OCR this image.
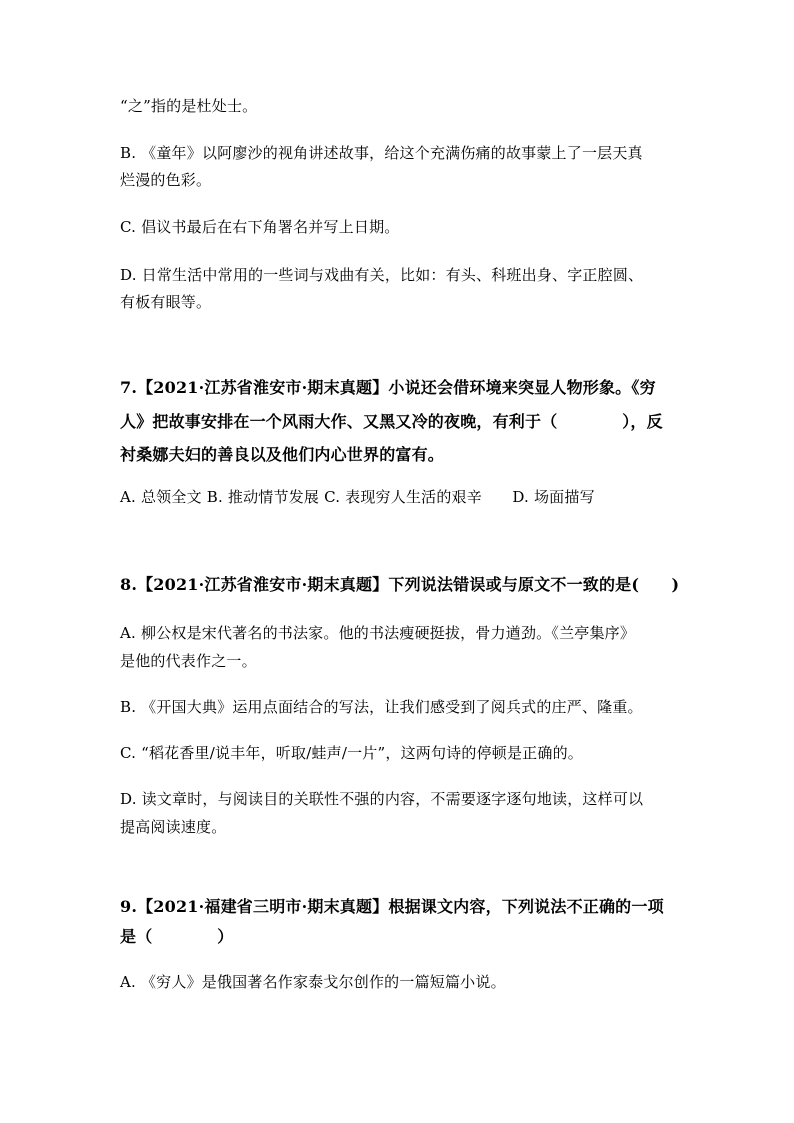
“之”指的是杜处士。
B. 《童年》以阿廖沙的视角讲述故事，给这个充满伤痛的故事蒙上了一层天真
烂漫的色彩。
C. 倡议书最后在右下角署名并写上日期。
D. 日常生活中常用的一些词与戏曲有关，比如：有头、科班出身、字正腔圆、
有板有眼等。
7.【2021·江苏省淮安市·期末真题】小说还会借环境来突显人物形象。《穷
人》把故事安排在一个风雨大作、又黑又冷的夜晚，有利于（　　　　），反
衬桑娜夫妇的善良以及他们内心世界的富有。
A. 总领全文 B. 推动情节发展 C. 表现穷人生活的艰辛　　D. 场面描写
8.【2021·江苏省淮安市·期末真题】下列说法错误或与原文不一致的是(　　)
A. 柳公权是宋代著名的书法家。他的书法瘦硬挺拔，骨力遒劲。《兰亭集序》
是他的代表作之一。
B. 《开国大典》运用点面结合的写法，让我们感受到了阅兵式的庄严、隆重。
C. “稻花香里/说丰年，听取/蛙声/一片”，这两句诗的停顿是正确的。
D. 读文章时，与阅读目的关联性不强的内容，不需要逐字逐句地读，这样可以
提高阅读速度。
9.【2021·福建省三明市·期末真题】根据课文内容，下列说法不正确的一项
是（　　　　）
A. 《穷人》是俄国著名作家泰戈尔创作的一篇短篇小说。
